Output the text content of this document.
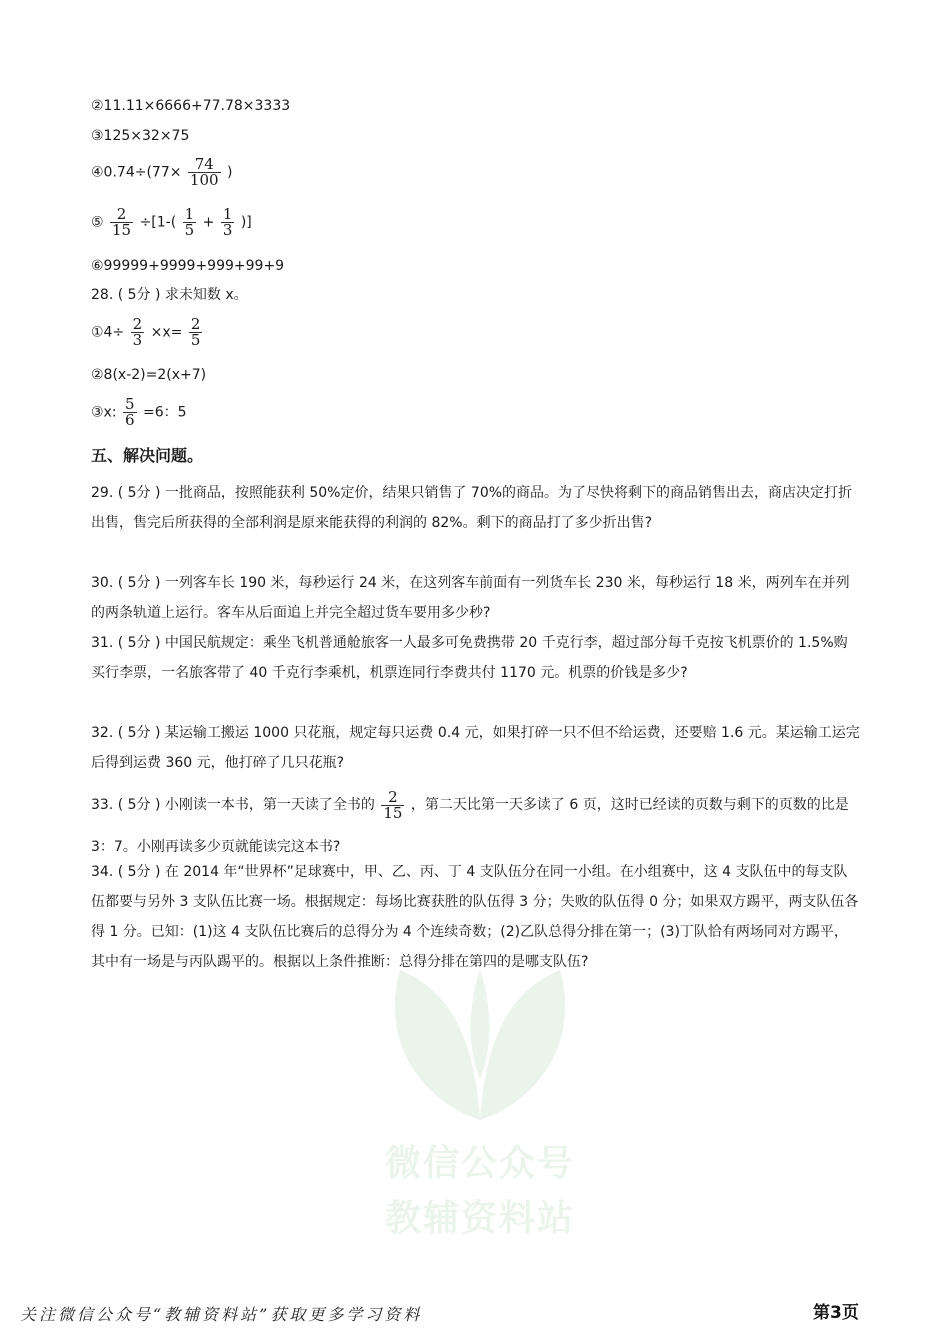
微信公众号
教辅资料站
②11.11×6666+77.78×3333
③125×32×75
④0.74÷(77× $\frac{74}{100}$ )
⑤ $\frac{2}{15} \div[1-( \frac{1}{5} + \frac{1}{3}$ )]
⑥99999+9999+999+99+9
28. ( 5分 ) 求未知数 x。
①4÷ $\frac{2}{3} \times x= \frac{2}{5}$
②8(x-2)=2(x+7)
③x: $\frac{5}{6} =6$：5
五、解决问题。
29. ( 5分 ) 一批商品，按照能获利 50%定价，结果只销售了 70%的商品。为了尽快将剩下的商品销售出去，商店决定打折出售，售完后所获得的全部利润是原来能获得的利润的 82%。剩下的商品打了多少折出售?
30. ( 5分 ) 一列客车长 190 米，每秒运行 24 米，在这列客车前面有一列货车长 230 米，每秒运行 18 米，两列车在并列的两条轨道上运行。客车从后面追上并完全超过货车要用多少秒?
31. ( 5分 ) 中国民航规定：乘坐飞机普通舱旅客一人最多可免费携带 20 千克行李，超过部分每千克按飞机票价的 1.5%购买行李票，一名旅客带了 40 千克行李乘机，机票连同行李费共付 1170 元。机票的价钱是多少?
32. ( 5分 ) 某运输工搬运 1000 只花瓶，规定每只运费 0.4 元，如果打碎一只不但不给运费，还要赔 1.6 元。某运输工运完后得到运费 360 元，他打碎了几只花瓶?
33. ( 5分 ) 小刚读一本书，第一天读了全书的 $\frac{2}{15}$ ，第二天比第一天多读了 6 页，这时已经读的页数与剩下的页数的比是 3：7。小刚再读多少页就能读完这本书?
34. ( 5分 ) 在 2014 年“世界杯”足球赛中，甲、乙、丙、丁 4 支队伍分在同一小组。在小组赛中，这 4 支队伍中的每支队伍都要与另外 3 支队伍比赛一场。根据规定：每场比赛获胜的队伍得 3 分；失败的队伍得 0 分；如果双方踢平，两支队伍各得 1 分。已知：(1)这 4 支队伍比赛后的总得分为 4 个连续奇数；(2)乙队总得分排在第一；(3)丁队恰有两场同对方踢平，其中有一场是与丙队踢平的。根据以上条件推断：总得分排在第四的是哪支队伍?
关注微信公众号“教辅资料站”获取更多学习资料	第3页
